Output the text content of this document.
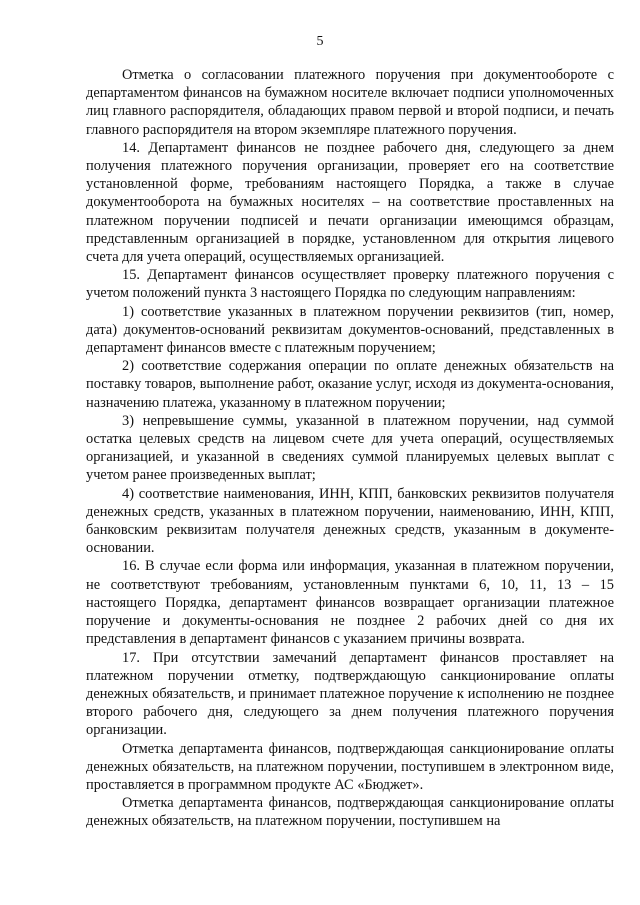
5

Отметка о согласовании платежного поручения при документообороте с департаментом финансов на бумажном носителе включает подписи уполномоченных лиц главного распорядителя, обладающих правом первой и второй подписи, и печать главного распорядителя на втором экземпляре платежного поручения.

14. Департамент финансов не позднее рабочего дня, следующего за днем получения платежного поручения организации, проверяет его на соответствие установленной форме, требованиям настоящего Порядка, а также в случае документооборота на бумажных носителях – на соответствие проставленных на платежном поручении подписей и печати организации имеющимся образцам, представленным организацией в порядке, установленном для открытия лицевого счета для учета операций, осуществляемых организацией.

15. Департамент финансов осуществляет проверку платежного поручения с учетом положений пункта 3 настоящего Порядка по следующим направлениям:

1) соответствие указанных в платежном поручении реквизитов (тип, номер, дата) документов-оснований реквизитам документов-оснований, представленных в департамент финансов вместе с платежным поручением;

2) соответствие содержания операции по оплате денежных обязательств на поставку товаров, выполнение работ, оказание услуг, исходя из документа-основания, назначению платежа, указанному в платежном поручении;

3) непревышение суммы, указанной в платежном поручении, над суммой остатка целевых средств на лицевом счете для учета операций, осуществляемых организацией, и указанной в сведениях суммой планируемых целевых выплат с учетом ранее произведенных выплат;

4) соответствие наименования, ИНН, КПП, банковских реквизитов получателя денежных средств, указанных в платежном поручении, наименованию, ИНН, КПП, банковским реквизитам получателя денежных средств, указанным в документе-основании.

16. В случае если форма или информация, указанная в платежном поручении, не соответствуют требованиям, установленным пунктами 6, 10, 11, 13 – 15 настоящего Порядка, департамент финансов возвращает организации платежное поручение и документы-основания не позднее 2 рабочих дней со дня их представления в департамент финансов с указанием причины возврата.

17. При отсутствии замечаний департамент финансов проставляет на платежном поручении отметку, подтверждающую санкционирование оплаты денежных обязательств, и принимает платежное поручение к исполнению не позднее второго рабочего дня, следующего за днем получения платежного поручения организации.

Отметка департамента финансов, подтверждающая санкционирование оплаты денежных обязательств, на платежном поручении, поступившем в электронном виде, проставляется в программном продукте АС «Бюджет».

Отметка департамента финансов, подтверждающая санкционирование оплаты денежных обязательств, на платежном поручении, поступившем на
